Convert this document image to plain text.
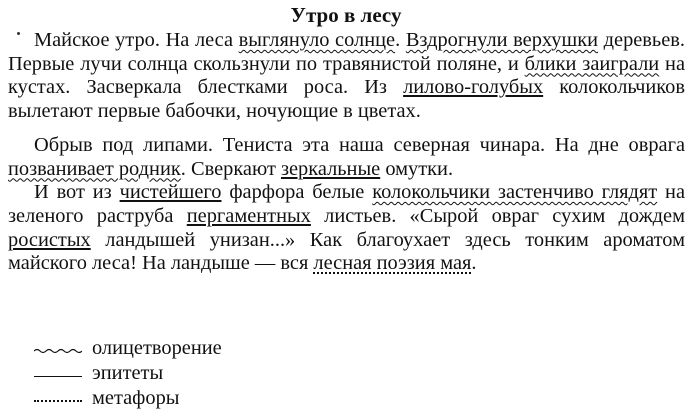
Утро в лесу

Майское утро. На леса выглянуло солнце. Вздрогнули верхушки деревьев. Первые лучи солнца скользнули по травянистой поляне, и блики заиграли на кустах. Засверкала блестками роса. Из лилово-голубых колокольчиков вылетают первые бабочки, ночующие в цветах.

Обрыв под липами. Тениста эта наша северная чинара. На дне оврага позванивает родник. Сверкают зеркальные омутки.

И вот из чистейшего фарфора белые колокольчики застенчиво глядят на зеленого раструба пергаментных листьев. «Сырой овраг сухим дождем росистых ландышей унизан...» Как благоухает здесь тонким ароматом майского леса! На ландыше — вся лесная поэзия мая.

олицетворение
эпитеты
метафоры
